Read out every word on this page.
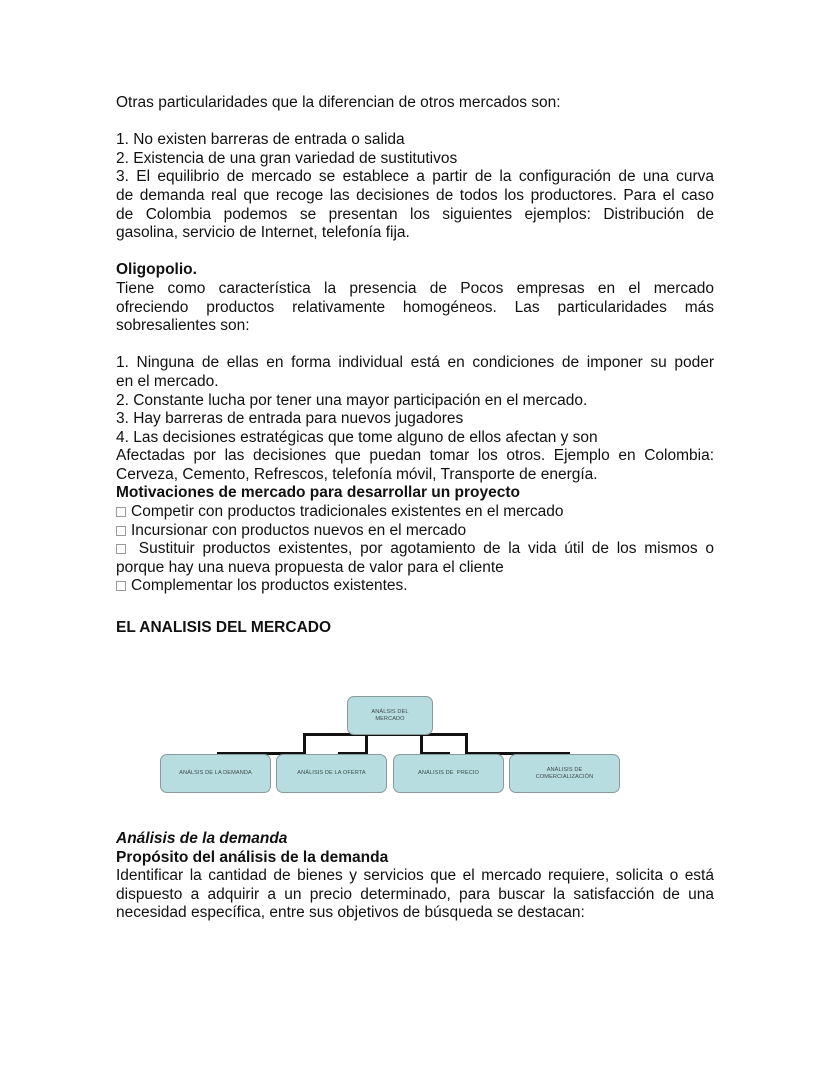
Otras particularidades que la diferencian de otros mercados son:
1. No existen barreras de entrada o salida
2. Existencia de una gran variedad de sustitutivos
3. El equilibrio de mercado se establece a partir de la configuración de una curva
de demanda real que recoge las decisiones de todos los productores. Para el caso
de Colombia podemos se presentan los siguientes ejemplos: Distribución de
gasolina, servicio de Internet, telefonía fija.
Oligopolio.
Tiene como característica la presencia de Pocos empresas en el mercado
ofreciendo productos relativamente homogéneos. Las particularidades más
sobresalientes son:
1. Ninguna de ellas en forma individual está en condiciones de imponer su poder
en el mercado.
2. Constante lucha por tener una mayor participación en el mercado.
3. Hay barreras de entrada para nuevos jugadores
4. Las decisiones estratégicas que tome alguno de ellos afectan y son
Afectadas por las decisiones que puedan tomar los otros. Ejemplo en Colombia:
Cerveza, Cemento, Refrescos, telefonía móvil, Transporte de energía.
Motivaciones de mercado para desarrollar un proyecto
Competir con productos tradicionales existentes en el mercado
Incursionar con productos nuevos en el mercado
Sustituir productos existentes, por agotamiento de la vida útil de los mismos o
porque hay una nueva propuesta de valor para el cliente
Complementar los productos existentes.
EL ANALISIS DEL MERCADO
ANÁLSIS DEL MERCADO
ANÁLSIS DE LA DEMANDA	ANÁLISIS DE LA OFERTA	ANÁLISIS DE  PRECIO
ANÁLISIS DE COMERCIALIZACIÓN
Análisis de la demanda
Propósito del análisis de la demanda
Identificar la cantidad de bienes y servicios que el mercado requiere, solicita o está
dispuesto a adquirir a un precio determinado, para buscar la satisfacción de una
necesidad específica, entre sus objetivos de búsqueda se destacan:
